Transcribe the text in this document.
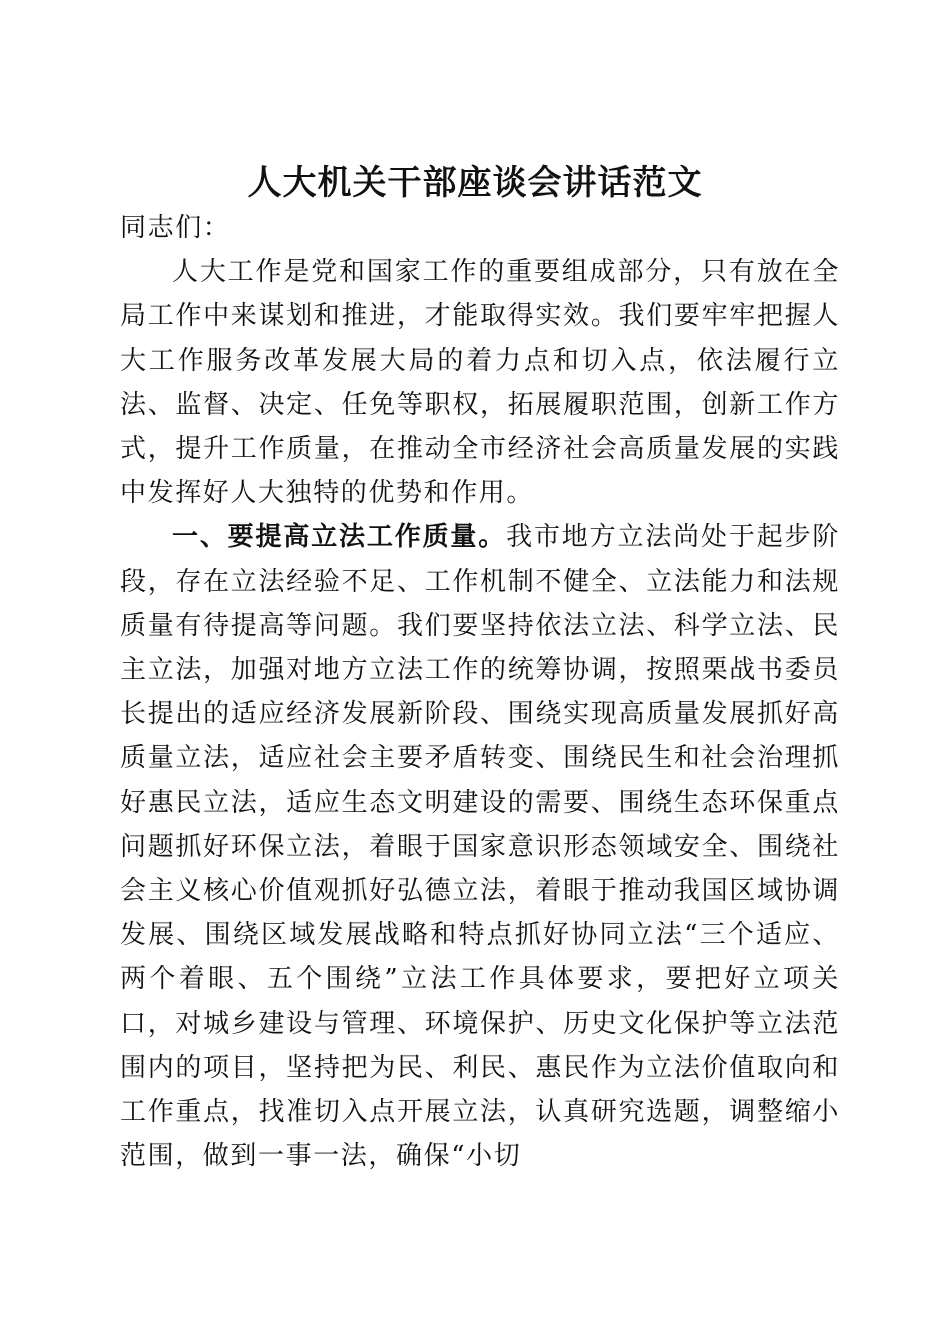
人大机关干部座谈会讲话范文

同志们：

人大工作是党和国家工作的重要组成部分，只有放在全局工作中来谋划和推进，才能取得实效。我们要牢牢把握人大工作服务改革发展大局的着力点和切入点，依法履行立法、监督、决定、任免等职权，拓展履职范围，创新工作方式，提升工作质量，在推动全市经济社会高质量发展的实践中发挥好人大独特的优势和作用。

一、要提高立法工作质量。我市地方立法尚处于起步阶段，存在立法经验不足、工作机制不健全、立法能力和法规质量有待提高等问题。我们要坚持依法立法、科学立法、民主立法，加强对地方立法工作的统筹协调，按照栗战书委员长提出的适应经济发展新阶段、围绕实现高质量发展抓好高质量立法，适应社会主要矛盾转变、围绕民生和社会治理抓好惠民立法，适应生态文明建设的需要、围绕生态环保重点问题抓好环保立法，着眼于国家意识形态领域安全、围绕社会主义核心价值观抓好弘德立法，着眼于推动我国区域协调发展、围绕区域发展战略和特点抓好协同立法“三个适应、两个着眼、五个围绕”立法工作具体要求，要把好立项关口，对城乡建设与管理、环境保护、历史文化保护等立法范围内的项目，坚持把为民、利民、惠民作为立法价值取向和工作重点，找准切入点开展立法，认真研究选题，调整缩小范围，做到一事一法，确保“小切
